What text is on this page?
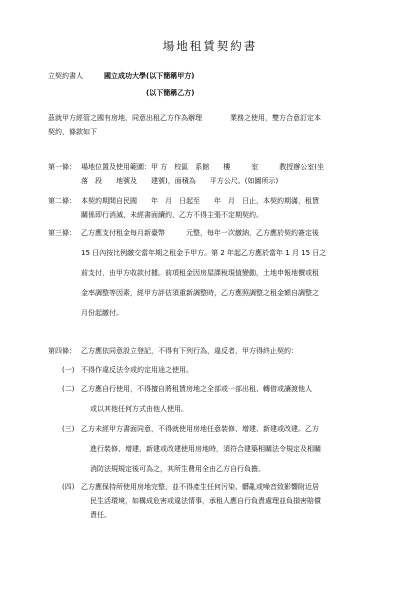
場地租賃契約書
立契約書人	國立成功大學(以下簡稱甲方)
(以下簡稱乙方)
茲就甲方經管之國有房地，同意出租乙方作為辦理　　　　業務之使用，雙方合意訂定本
契約，條款如下
第一條： 場地位置及使用範圍：甲 方　校區　系館　　樓　　　室　　　教授辦公室(坐
落　段　　地號及　　建號)，面積為　　平方公尺。(如圖所示)
第二條： 本契約期間自民國　　年　月　日起至　　年　月　日止，本契約期滿，租賃
關係即行消滅，未經書面續約，乙方不得主張不定期契約。
第三條： 乙方應支付租金每月新臺幣　　　元整，每年一次繳納，乙方應於契約簽定後
15 日內按比例繳交當年期之租金予甲方。第 2 年起乙方應於當年 1 月 15 日之
前支付，由甲方收款付據。前項租金因房屋課稅現值變動，土地申報地價或租
金率調整等因素，經甲方評估須重新調整時，乙方應照調整之租金額自調整之
月份起繳付。
第四條： 乙方應依同意設立登記，不得有下列行為，違反者，甲方得終止契約：
(一) 不得作違反法令或約定用途之使用。
(二) 乙方應自行使用，不得擅自將租賃房地之全部或一部出租、轉借或讓渡他人
或以其他任何方式由他人使用。
(三) 乙方未經甲方書面同意，不得就使用房地任意裝修、增建、新建或改建。乙方
進行裝修、增建、新建或改建使用房地時，須符合建築相關法令規定及相關
消防法規規定後可為之，其所生費用全由乙方自行負擔。
(四) 乙方應保持所使用房地完整，並不得產生任何污染、髒亂或噪音致影響附近居
民生活環境，如構成危害或違法情事，承租人應自行負責處理並負損害賠償
責任。
